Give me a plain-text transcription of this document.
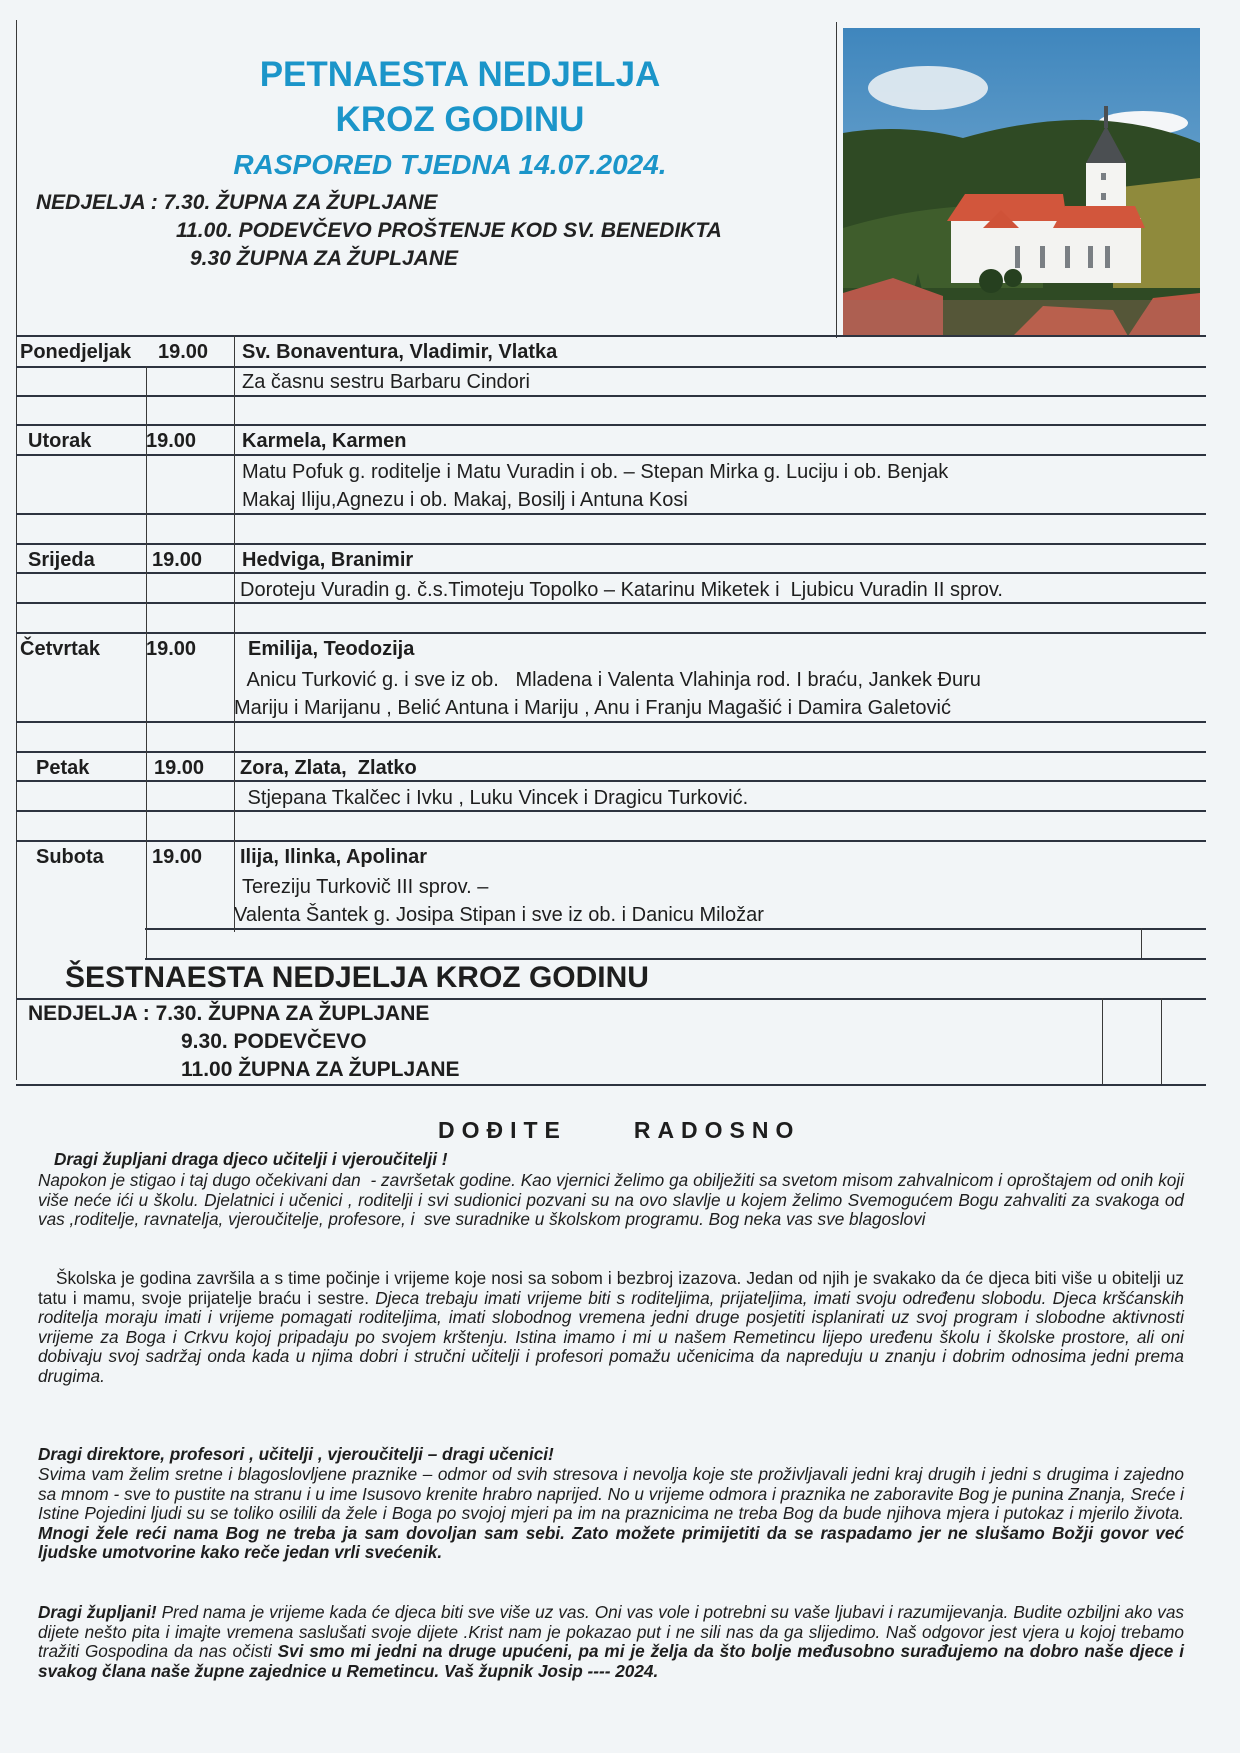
PETNAESTA NEDJELJA
KROZ GODINU
RASPORED TJEDNA 14.07.2024.
NEDJELJA : 7.30. ŽUPNA ZA ŽUPLJANE
11.00. PODEVČEVO PROŠTENJE KOD SV. BENEDIKTA
9.30 ŽUPNA ZA ŽUPLJANE
Ponedjeljak 19.00 Sv. Bonaventura, Vladimir, Vlatka
Za časnu sestru Barbaru Cindori
Utorak	19.00 Karmela, Karmen
Matu Pofuk g. roditelje i Matu Vuradin i ob. – Stepan Mirka g. Luciju i ob. Benjak
Makaj Iliju,Agnezu i ob. Makaj, Bosilj i Antuna Kosi
Srijeda	19.00 Hedviga, Branimir
Doroteju Vuradin g. č.s.Timoteju Topolko – Katarinu Miketek i  Ljubicu Vuradin II sprov.
Četvrtak 19.00	Emilija, Teodozija
Anicu Turković g. i sve iz ob.   Mladena i Valenta Vlahinja rod. I braću, Jankek Đuru
Mariju i Marijanu , Belić Antuna i Mariju , Anu i Franju Magašić i Damira Galetović
Petak	19.00 Zora, Zlata,  Zlatko
Stjepana Tkalčec i Ivku , Luku Vincek i Dragicu Turković.
Subota 19.00 Ilija, Ilinka, Apolinar
Tereziju Turkovič III sprov. –
Valenta Šantek g. Josipa Stipan i sve iz ob. i Danicu Miložar
ŠESTNAESTA NEDJELJA KROZ GODINU
NEDJELJA : 7.30. ŽUPNA ZA ŽUPLJANE
9.30. PODEVČEVO
11.00 ŽUPNA ZA ŽUPLJANE
DOĐITE     RADOSNO
Dragi župljani draga djeco učitelji i vjeroučitelji !
Napokon je stigao i taj dugo očekivani dan  - završetak godine. Kao vjernici želimo ga obilježiti sa svetom misom zahvalnicom i oproštajem od onih koji više neće ići u školu. Djelatnici i učenici , roditelji i svi sudionici pozvani su na ovo slavlje u kojem želimo Svemogućem Bogu zahvaliti za svakoga od vas ,roditelje, ravnatelja, vjeroučitelje, profesore, i  sve suradnike u školskom programu. Bog neka vas sve blagoslovi
Školska je godina završila a s time počinje i vrijeme koje nosi sa sobom i bezbroj izazova. Jedan od njih je svakako da će djeca biti više u obitelji uz tatu i mamu, svoje prijatelje braću i sestre. Djeca trebaju imati vrijeme biti s roditeljima, prijateljima, imati svoju određenu slobodu. Djeca kršćanskih roditelja moraju imati i vrijeme pomagati roditeljima, imati slobodnog vremena jedni druge posjetiti isplanirati uz svoj program i slobodne aktivnosti vrijeme za Boga i Crkvu kojoj pripadaju po svojem krštenju. Istina imamo i mi u našem Remetincu lijepo uređenu školu i školske prostore, ali oni dobivaju svoj sadržaj onda kada u njima dobri i stručni učitelji i profesori pomažu učenicima da napreduju u znanju i dobrim odnosima jedni prema drugima.
Dragi direktore, profesori , učitelji , vjeroučitelji – dragi učenici!
Svima vam želim sretne i blagoslovljene praznike – odmor od svih stresova i nevolja koje ste proživljavali jedni kraj drugih i jedni s drugima i zajedno sa mnom - sve to pustite na stranu i u ime Isusovo krenite hrabro naprijed. No u vrijeme odmora i praznika ne zaboravite Bog je punina Znanja, Sreće i Istine Pojedini ljudi su se toliko osilili da žele i Boga po svojoj mjeri pa im na praznicima ne treba Bog da bude njihova mjera i putokaz i mjerilo života. Mnogi žele reći nama Bog ne treba ja sam dovoljan sam sebi. Zato možete primijetiti da se raspadamo jer ne slušamo Božji govor već ljudske umotvorine kako reče jedan vrli svećenik.
Dragi župljani! Pred nama je vrijeme kada će djeca biti sve više uz vas. Oni vas vole i potrebni su vaše ljubavi i razumijevanja. Budite ozbiljni ako vas dijete nešto pita i imajte vremena saslušati svoje dijete .Krist nam je pokazao put i ne sili nas da ga slijedimo. Naš odgovor jest vjera u kojoj trebamo tražiti Gospodina da nas očisti Svi smo mi jedni na druge upućeni, pa mi je želja da što bolje međusobno surađujemo na dobro naše djece i svakog člana naše župne zajednice u Remetincu. Vaš župnik Josip ---- 2024.
